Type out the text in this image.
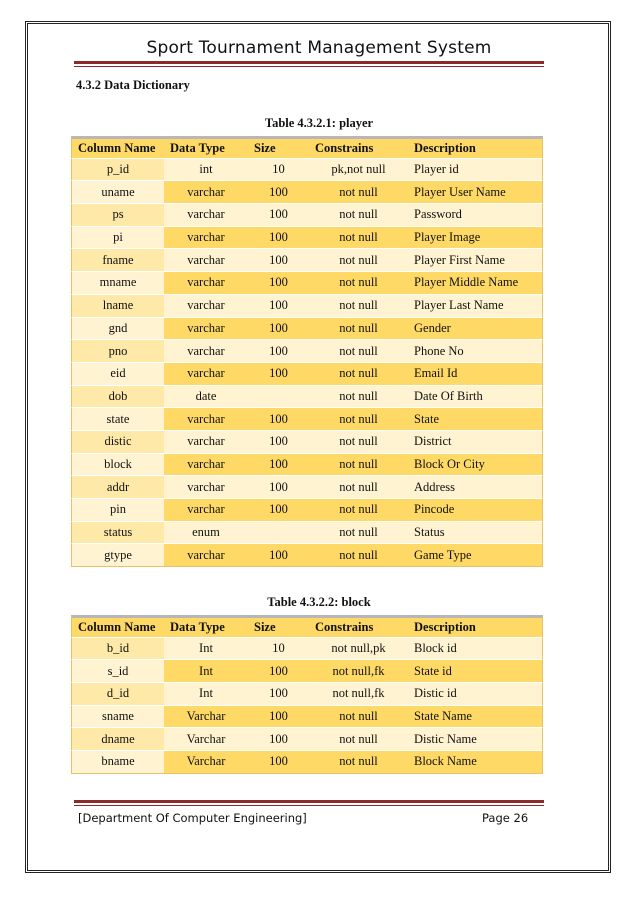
Sport Tournament Management System
4.3.2 Data Dictionary
Table 4.3.2.1: player
Column Name	Data Type	Size	Constrains	Description
p_id	int	10	pk,not null	Player id
uname	varchar	100	not null	Player User Name
ps	varchar	100	not null	Password
pi	varchar	100	not null	Player Image
fname	varchar	100	not null	Player First Name
mname	varchar	100	not null	Player Middle Name
lname	varchar	100	not null	Player Last Name
gnd	varchar	100	not null	Gender
pno	varchar	100	not null	Phone No
eid	varchar	100	not null	Email Id
dob	date		not null	Date Of Birth
state	varchar	100	not null	State
distic	varchar	100	not null	District
block	varchar	100	not null	Block Or City
addr	varchar	100	not null	Address
pin	varchar	100	not null	Pincode
status	enum		not null	Status
gtype	varchar	100	not null	Game Type
Table 4.3.2.2: block
Column Name	Data Type	Size	Constrains	Description
b_id	Int	10	not null,pk	Block id
s_id	Int	100	not null,fk	State id
d_id	Int	100	not null,fk	Distic id
sname	Varchar	100	not null	State Name
dname	Varchar	100	not null	Distic Name
bname	Varchar	100	not null	Block Name
[Department Of Computer Engineering]	Page 26
